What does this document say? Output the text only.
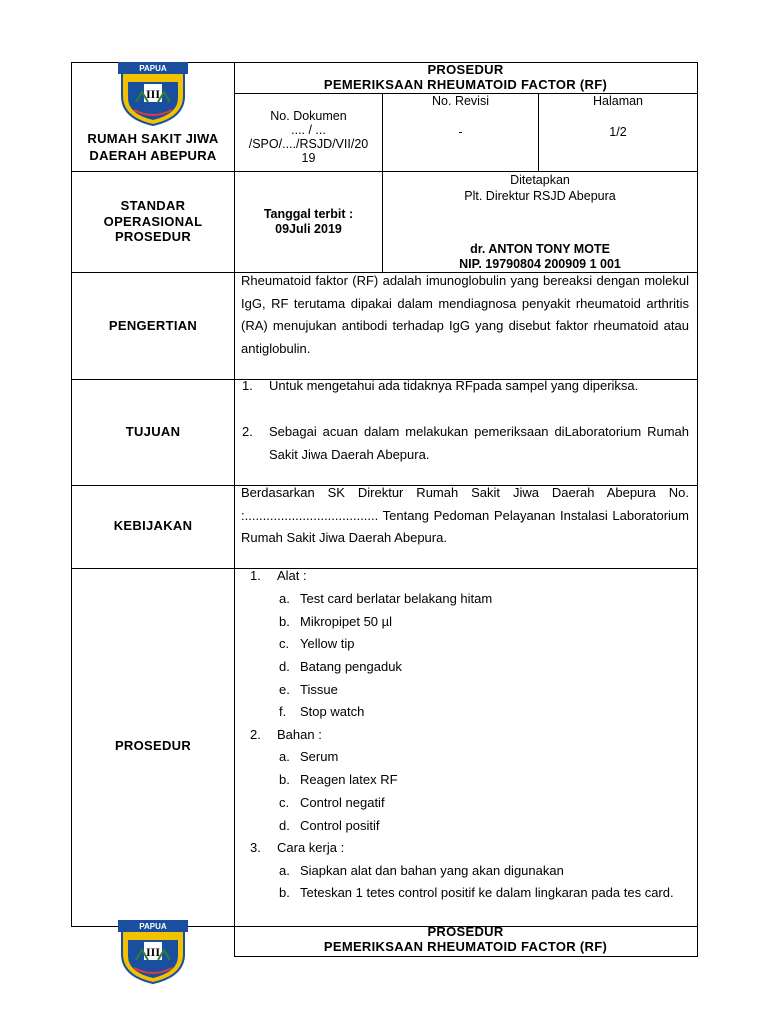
PAPUA
III
RUMAH SAKIT JIWA
DAERAH ABEPURA
PROSEDUR
PEMERIKSAAN RHEUMATOID FACTOR (RF)
No. Dokumen
.... / ...
/SPO/..../RSJD/VII/20
19
No. Revisi
-
Halaman
1/2
STANDAR
OPERASIONAL
PROSEDUR
Tanggal terbit :
09Juli 2019
Ditetapkan
Plt. Direktur RSJD Abepura
dr. ANTON TONY MOTE
NIP. 19790804 200909 1 001
PENGERTIAN
Rheumatoid faktor (RF) adalah imunoglobulin yang bereaksi dengan molekul IgG, RF terutama dipakai dalam mendiagnosa penyakit rheumatoid arthritis (RA) menujukan antibodi terhadap IgG yang disebut faktor rheumatoid atau antiglobulin.
TUJUAN
1. Untuk mengetahui ada tidaknya RFpada sampel yang diperiksa.
2. Sebagai acuan dalam melakukan pemeriksaan diLaboratorium Rumah Sakit Jiwa Daerah Abepura.
KEBIJAKAN
Berdasarkan SK Direktur Rumah Sakit Jiwa Daerah Abepura No. :..................................... Tentang Pedoman Pelayanan Instalasi Laboratorium Rumah Sakit Jiwa Daerah Abepura.
PROSEDUR
1. Alat :
a. Test card berlatar belakang hitam
b. Mikropipet 50 µl
c. Yellow tip
d. Batang pengaduk
e. Tissue
f. Stop watch
2. Bahan :
a. Serum
b. Reagen latex RF
c. Control negatif
d. Control positif
3. Cara kerja :
a. Siapkan alat dan bahan yang akan digunakan
b. Teteskan 1 tetes control positif ke dalam lingkaran pada tes card.
PAPUA
III
PROSEDUR
PEMERIKSAAN RHEUMATOID FACTOR (RF)
